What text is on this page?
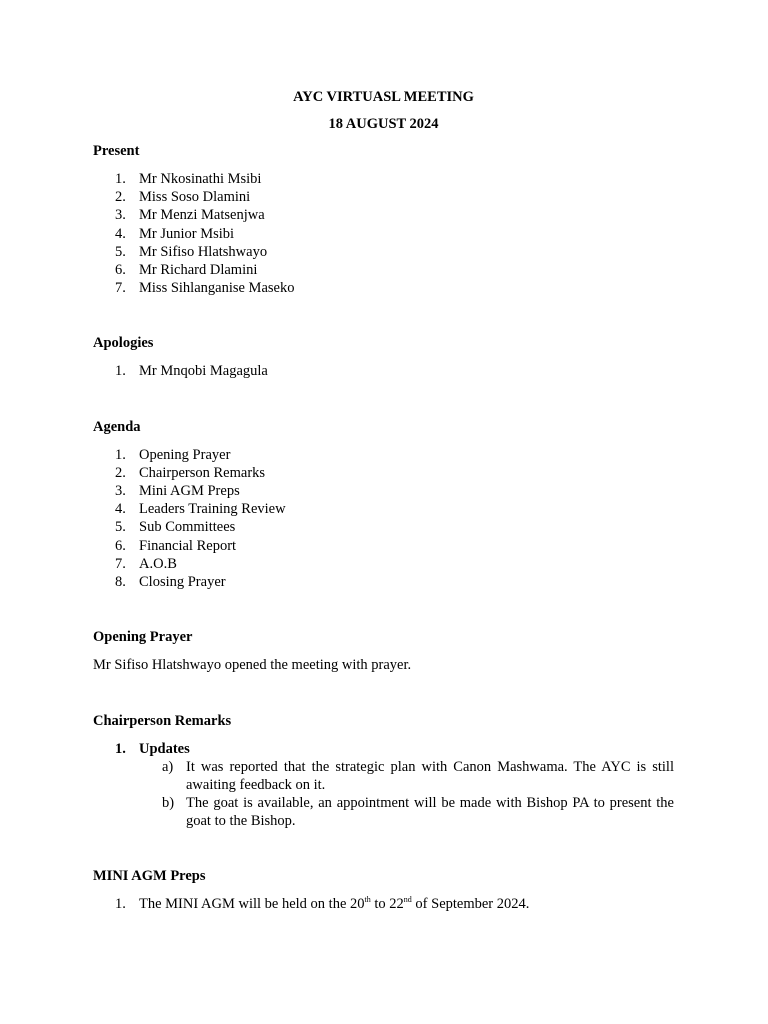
AYC VIRTUASL MEETING

18 AUGUST 2024

Present

1. Mr Nkosinathi Msibi
2. Miss Soso Dlamini
3. Mr Menzi Matsenjwa
4. Mr Junior Msibi
5. Mr Sifiso Hlatshwayo
6. Mr Richard Dlamini
7. Miss Sihlanganise Maseko

Apologies

1. Mr Mnqobi Magagula

Agenda

1. Opening Prayer
2. Chairperson Remarks
3. Mini AGM Preps
4. Leaders Training Review
5. Sub Committees
6. Financial Report
7. A.O.B
8. Closing Prayer

Opening Prayer

Mr Sifiso Hlatshwayo opened the meeting with prayer.

Chairperson Remarks

1. Updates
a) It was reported that the strategic plan with Canon Mashwama. The AYC is still awaiting feedback on it.
b) The goat is available, an appointment will be made with Bishop PA to present the goat to the Bishop.

MINI AGM Preps

1. The MINI AGM will be held on the 20th to 22nd of September 2024.
